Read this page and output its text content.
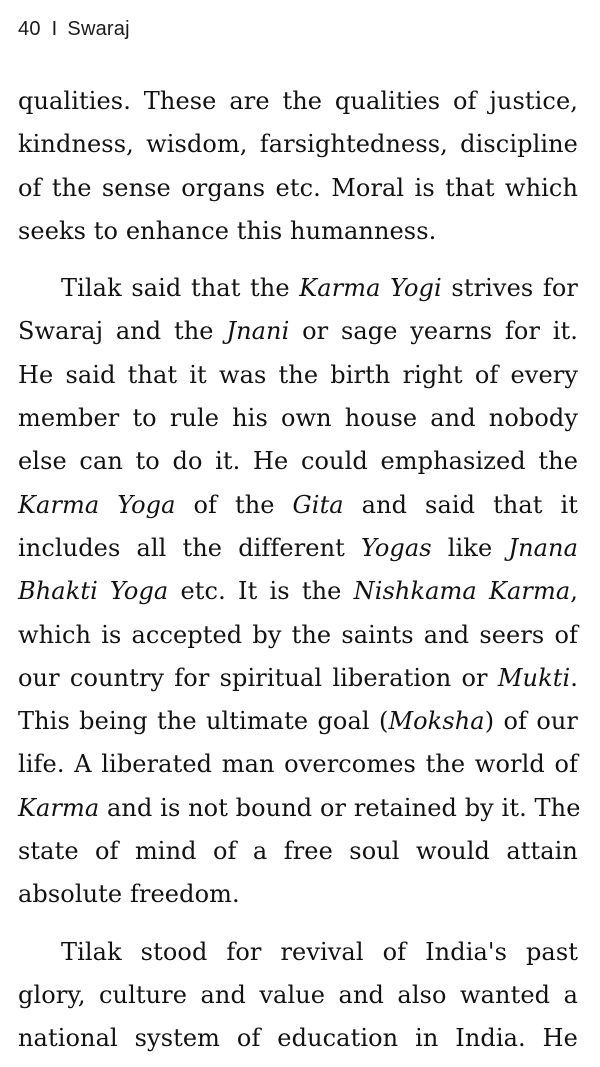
40 I Swaraj
qualities. These are the qualities of justice,
kindness, wisdom, farsightedness, discipline
of the sense organs etc. Moral is that which
seeks to enhance this humanness.
Tilak said that the Karma Yogi strives for
Swaraj and the Jnani or sage yearns for it.
He said that it was the birth right of every
member to rule his own house and nobody
else can to do it. He could emphasized the
Karma Yoga of the Gita and said that it
includes all the different Yogas like Jnana
Bhakti Yoga etc. It is the Nishkama Karma,
which is accepted by the saints and seers of
our country for spiritual liberation or Mukti.
This being the ultimate goal (Moksha) of our
life. A liberated man overcomes the world of
Karma and is not bound or retained by it. The
state of mind of a free soul would attain
absolute freedom.
Tilak stood for revival of India's past
glory, culture and value and also wanted a
national system of education in India. He
